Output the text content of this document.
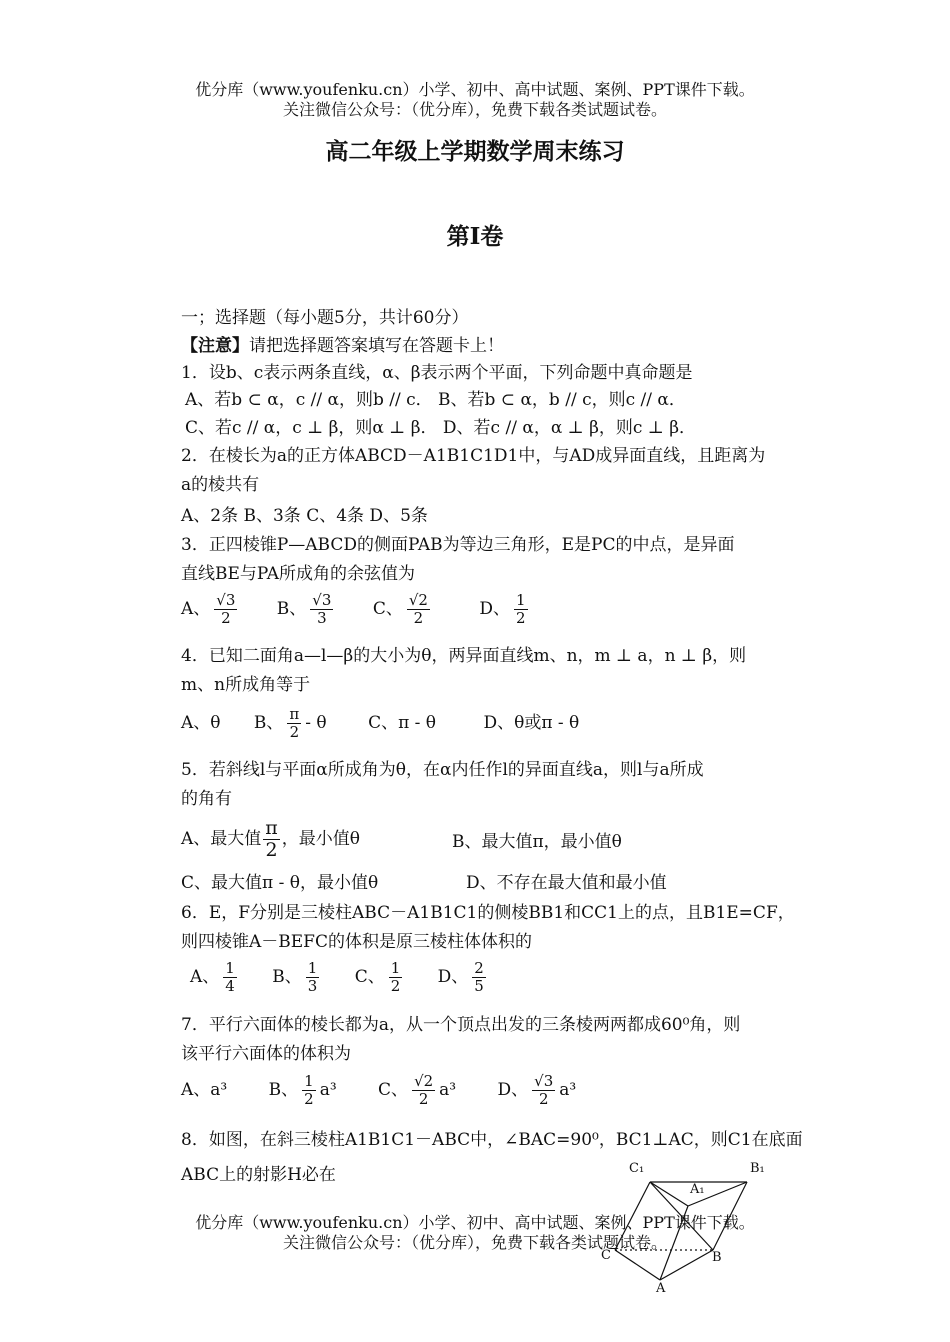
优分库（www.youfenku.cn）小学、初中、高中试题、案例、PPT课件下载。
关注微信公众号：（优分库），免费下载各类试题试卷。
高二年级上学期数学周末练习
第Ⅰ卷
一；选择题（每小题5分，共计60分）
【注意】请把选择题答案填写在答题卡上！
1．设b、c表示两条直线，α、β表示两个平面，下列命题中真命题是
A、若b ⊂ α，c // α，则b // c． B、若b ⊂ α，b // c，则c // α．
C、若c // α，c ⊥ β，则α ⊥ β． D、若c // α，α ⊥ β，则c ⊥ β．
2．在棱长为a的正方体ABCD－A1B1C1D1中，与AD成异面直线，且距离为
a的棱共有
A、2条 B、3条 C、4条 D、5条
3．正四棱锥P—ABCD的侧面PAB为等边三角形，E是PC的中点，是异面
直线BE与PA所成角的余弦值为
A、 $\frac{√3}{2}$ B、 $\frac{√3}{3}$ C、 $\frac{√2}{2}$	D、 $\frac{1}{2}$
4．已知二面角a—l—β的大小为θ，两异面直线m、n，m ⊥ a，n ⊥ β，则
m、n所成角等于
A、θ B、 $\frac{\pi}{2}$ - θ C、π - θ	D、θ或π - θ
5．若斜线l与平面α所成角为θ，在α内任作l的异面直线a，则l与a所成
的角有
A、最大值 $\frac{\pi}{2}$ ，最小值θ	B、最大值π，最小值θ
C、最大值π - θ，最小值θ	D、不存在最大值和最小值
6．E，F分别是三棱柱ABC－A1B1C1的侧棱BB1和CC1上的点，且B1E=CF，
则四棱锥A－BEFC的体积是原三棱柱体体积的
A、 $\frac{1}{4}$ B、 $\frac{1}{3}$ C、 $\frac{1}{2}$ D、 $\frac{2}{5}$
7．平行六面体的棱长都为a，从一个顶点出发的三条棱两两都成60⁰角，则
该平行六面体的体积为
A、a³ B、 $\frac{1}{2} a^3$ C、 $\frac{√2}{2} a^3$ D、 $\frac{√3}{2} a^3$
8．如图，在斜三棱柱A1B1C1－ABC中，∠BAC=90⁰，BC1⊥AC，则C1在底面
ABC上的射影H必在	C₁	B₁
A₁
C	B
A
优分库（www.youfenku.cn）小学、初中、高中试题、案例、PPT课件下载。
关注微信公众号：（优分库），免费下载各类试题试卷。
